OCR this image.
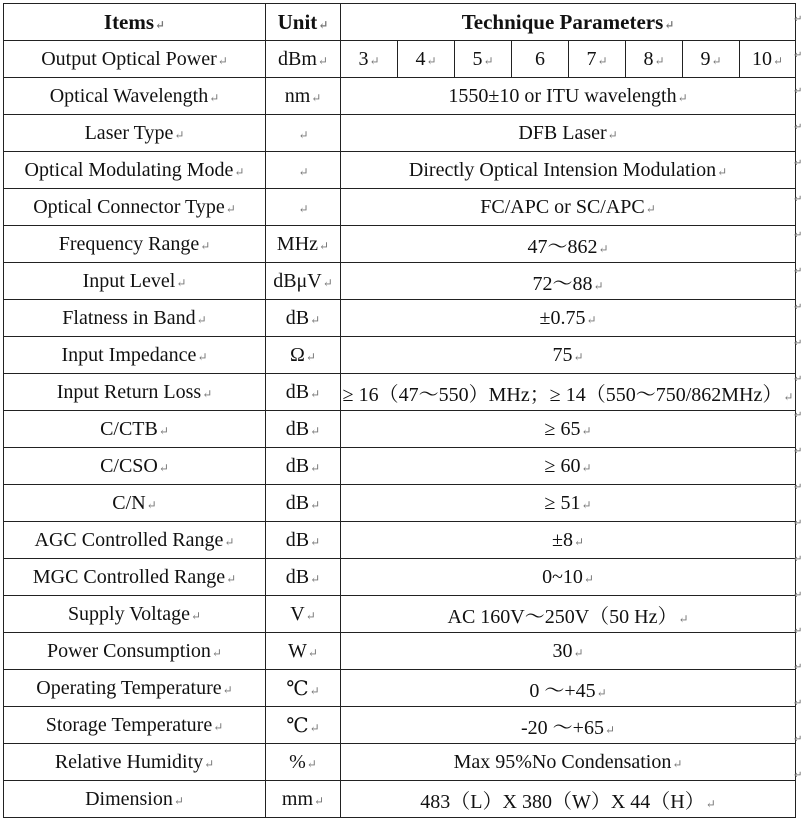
Items↵	Unit↵	Technique Parameters↵							
Output Optical Power↵	dBm↵	3↵	4↵	5↵	6	7↵	8↵	9↵	10↵
Optical Wavelength↵	nm↵	1550±10 or ITU wavelength↵							
Laser Type↵	↵	DFB Laser↵							
Optical Modulating Mode↵	↵	Directly Optical Intension Modulation↵							
Optical Connector Type↵	↵	FC/APC or SC/APC↵							
Frequency Range↵	MHz↵	47～862↵							
Input Level↵	dBμV↵	72～88↵							
Flatness in Band↵	dB↵	±0.75↵							
Input Impedance↵	Ω↵	75↵							
Input Return Loss↵	dB↵	≥ 16（47～550）MHz；≥ 14（550～750/862MHz）↵							
C/CTB↵	dB↵	≥ 65↵							
C/CSO↵	dB↵	≥ 60↵							
C/N↵	dB↵	≥ 51↵							
AGC Controlled Range↵	dB↵	±8↵							
MGC Controlled Range↵	dB↵	0~10↵							
Supply Voltage↵	V↵	AC 160V～250V（50 Hz）↵							
Power Consumption↵	W↵	30↵							
Operating Temperature↵	℃↵	0 ～+45↵							
Storage Temperature↵	℃↵	-20 ～+65↵							
Relative Humidity↵	%↵	Max 95%No Condensation↵							
Dimension↵	mm↵	483（L）X 380（W）X 44（H）↵							
↵
↵
↵
↵
↵
↵
↵
↵
↵
↵
↵
↵
↵
↵
↵
↵
↵
↵
↵
↵
↵
↵
